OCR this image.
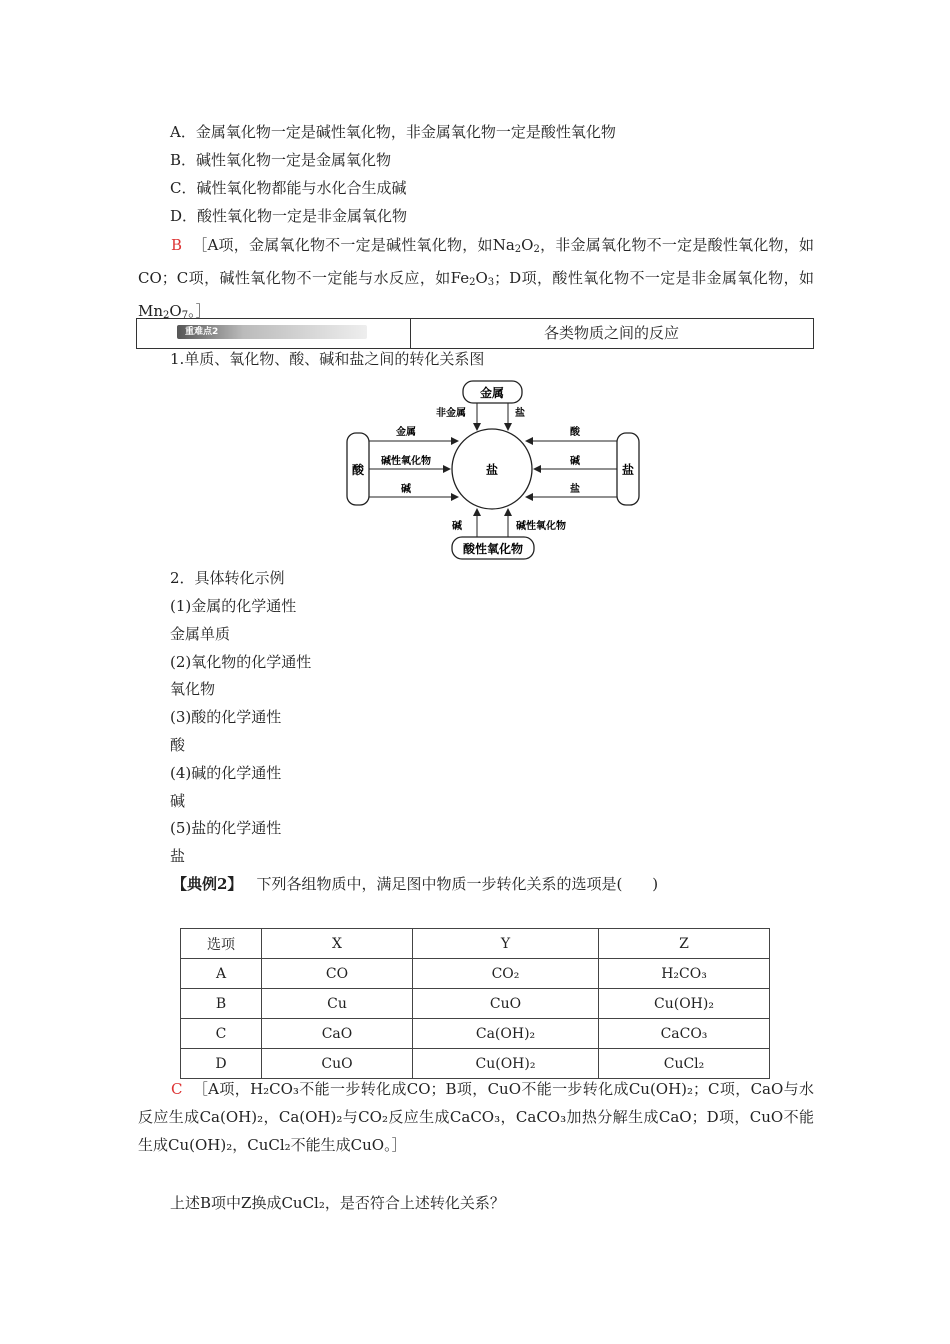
A．金属氧化物一定是碱性氧化物，非金属氧化物一定是酸性氧化物
B．碱性氧化物一定是金属氧化物
C．碱性氧化物都能与水化合生成碱
D．酸性氧化物一定是非金属氧化物
B ［A项，金属氧化物不一定是碱性氧化物，如$Na_2O_2$，非金属氧化物不一定是酸性氧化物，如CO；C项，碱性氧化物不一定能与水反应，如$Fe_2O_3$；D项，酸性氧化物不一定是非金属氧化物，如$Mn_2O_7$。］
重难点2	各类物质之间的反应
1.单质、氧化物、酸、碱和盐之间的转化关系图
金属
酸性氧化物
酸	盐
盐
非金属	盐
碱	碱性氧化物
金属
碱性氧化物
碱
酸
碱
盐
2．具体转化示例
(1)金属的化学通性
金属单质
(2)氧化物的化学通性
氧化物
(3)酸的化学通性
酸
(4)碱的化学通性
碱
(5)盐的化学通性
盐
【典例2】 下列各组物质中，满足图中物质一步转化关系的选项是(　　)
选项	X	Y	Z
A	CO	CO₂	H₂CO₃
B	Cu	CuO	Cu(OH)₂
C	CaO	Ca(OH)₂	CaCO₃
D	CuO	Cu(OH)₂	CuCl₂
C ［A项，H₂CO₃不能一步转化成CO；B项，CuO不能一步转化成Cu(OH)₂；C项，CaO与水反应生成Ca(OH)₂，Ca(OH)₂与CO₂反应生成CaCO₃，CaCO₃加热分解生成CaO；D项，CuO不能生成Cu(OH)₂，CuCl₂不能生成CuO。］
上述B项中Z换成CuCl₂，是否符合上述转化关系？
